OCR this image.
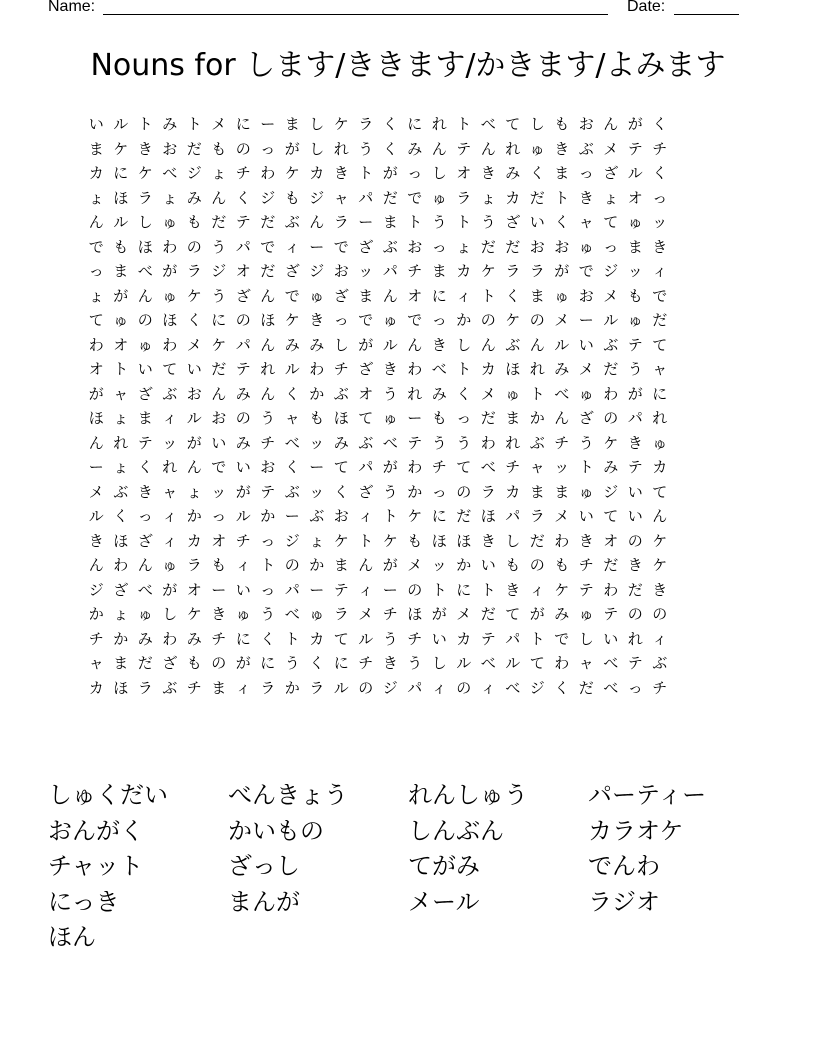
Name:	Date:
Nouns for します/ききます/かきます/よみます
い ル ト み ト メ に ー ま し ケ ラ く に れ ト べ て し も お ん が く
ま ケ き お だ も の っ が し れ う く み ん テ ん れ ゅ き ぶ メ テ チ
カ に ケ べ ジ ょ チ わ ケ カ き ト が っ し オ き み く ま っ ざ ル く
ょ ほ ラ ょ み ん く ジ も ジ ャ パ だ で ゅ ラ ょ カ だ ト き ょ オ っ
ん ル し ゅ も だ テ だ ぶ ん ラ ー ま ト う ト う ざ い く ャ て ゅ ッ
で も ほ わ の う パ で ィ ー で ざ ぶ お っ ょ だ だ お お ゅ っ ま き
っ ま べ が ラ ジ オ だ ざ ジ お ッ パ チ ま カ ケ ラ ラ が で ジ ッ ィ
ょ が ん ゅ ケ う ざ ん で ゅ ざ ま ん オ に ィ ト く ま ゅ お メ も で
て ゅ の ほ く に の ほ ケ き っ で ゅ で っ か の ケ の メ ー ル ゅ だ
わ オ ゅ わ メ ケ パ ん み み し が ル ん き し ん ぶ ん ル い ぶ テ て
オ ト い て い だ テ れ ル わ チ ざ き わ べ ト カ ほ れ み メ だ う ャ
が ャ ざ ぶ お ん み ん く か ぶ オ う れ み く メ ゅ ト べ ゅ わ が に
ほ ょ ま ィ ル お の う ャ も ほ て ゅ ー も っ だ ま か ん ざ の パ れ
ん れ テ ッ が い み チ べ ッ み ぶ べ テ う う わ れ ぶ チ う ケ き ゅ
ー ょ く れ ん で い お く ー て パ が わ チ て べ チ ャ ッ ト み テ カ
メ ぶ き ャ ょ ッ が テ ぶ ッ く ざ う か っ の ラ カ ま ま ゅ ジ い て
ル く っ ィ か っ ル か ー ぶ お ィ ト ケ に だ ほ パ ラ メ い て い ん
き ほ ざ ィ カ オ チ っ ジ ょ ケ ト ケ も ほ ほ き し だ わ き オ の ケ
ん わ ん ゅ ラ も ィ ト の か ま ん が メ ッ か い も の も チ だ き ケ
ジ ざ べ が オ ー い っ パ ー テ ィ ー の ト に ト き ィ ケ テ わ だ き
か ょ ゅ し ケ き ゅ う べ ゅ ラ メ チ ほ が メ だ て が み ゅ テ の の
チ か み わ み チ に く ト カ て ル う チ い カ テ パ ト で し い れ ィ
ャ ま だ ざ も の が に う く に チ き う し ル べ ル て わ ャ べ テ ぶ
カ ほ ラ ぶ チ ま ィ ラ か ラ ル の ジ パ ィ の ィ べ ジ く だ べ っ チ
しゅくだい	べんきょう	れんしゅう	パーティー
おんがく	かいもの	しんぶん	カラオケ
チャット	ざっし	てがみ	でんわ
にっき	まんが	メール	ラジオ
ほん
